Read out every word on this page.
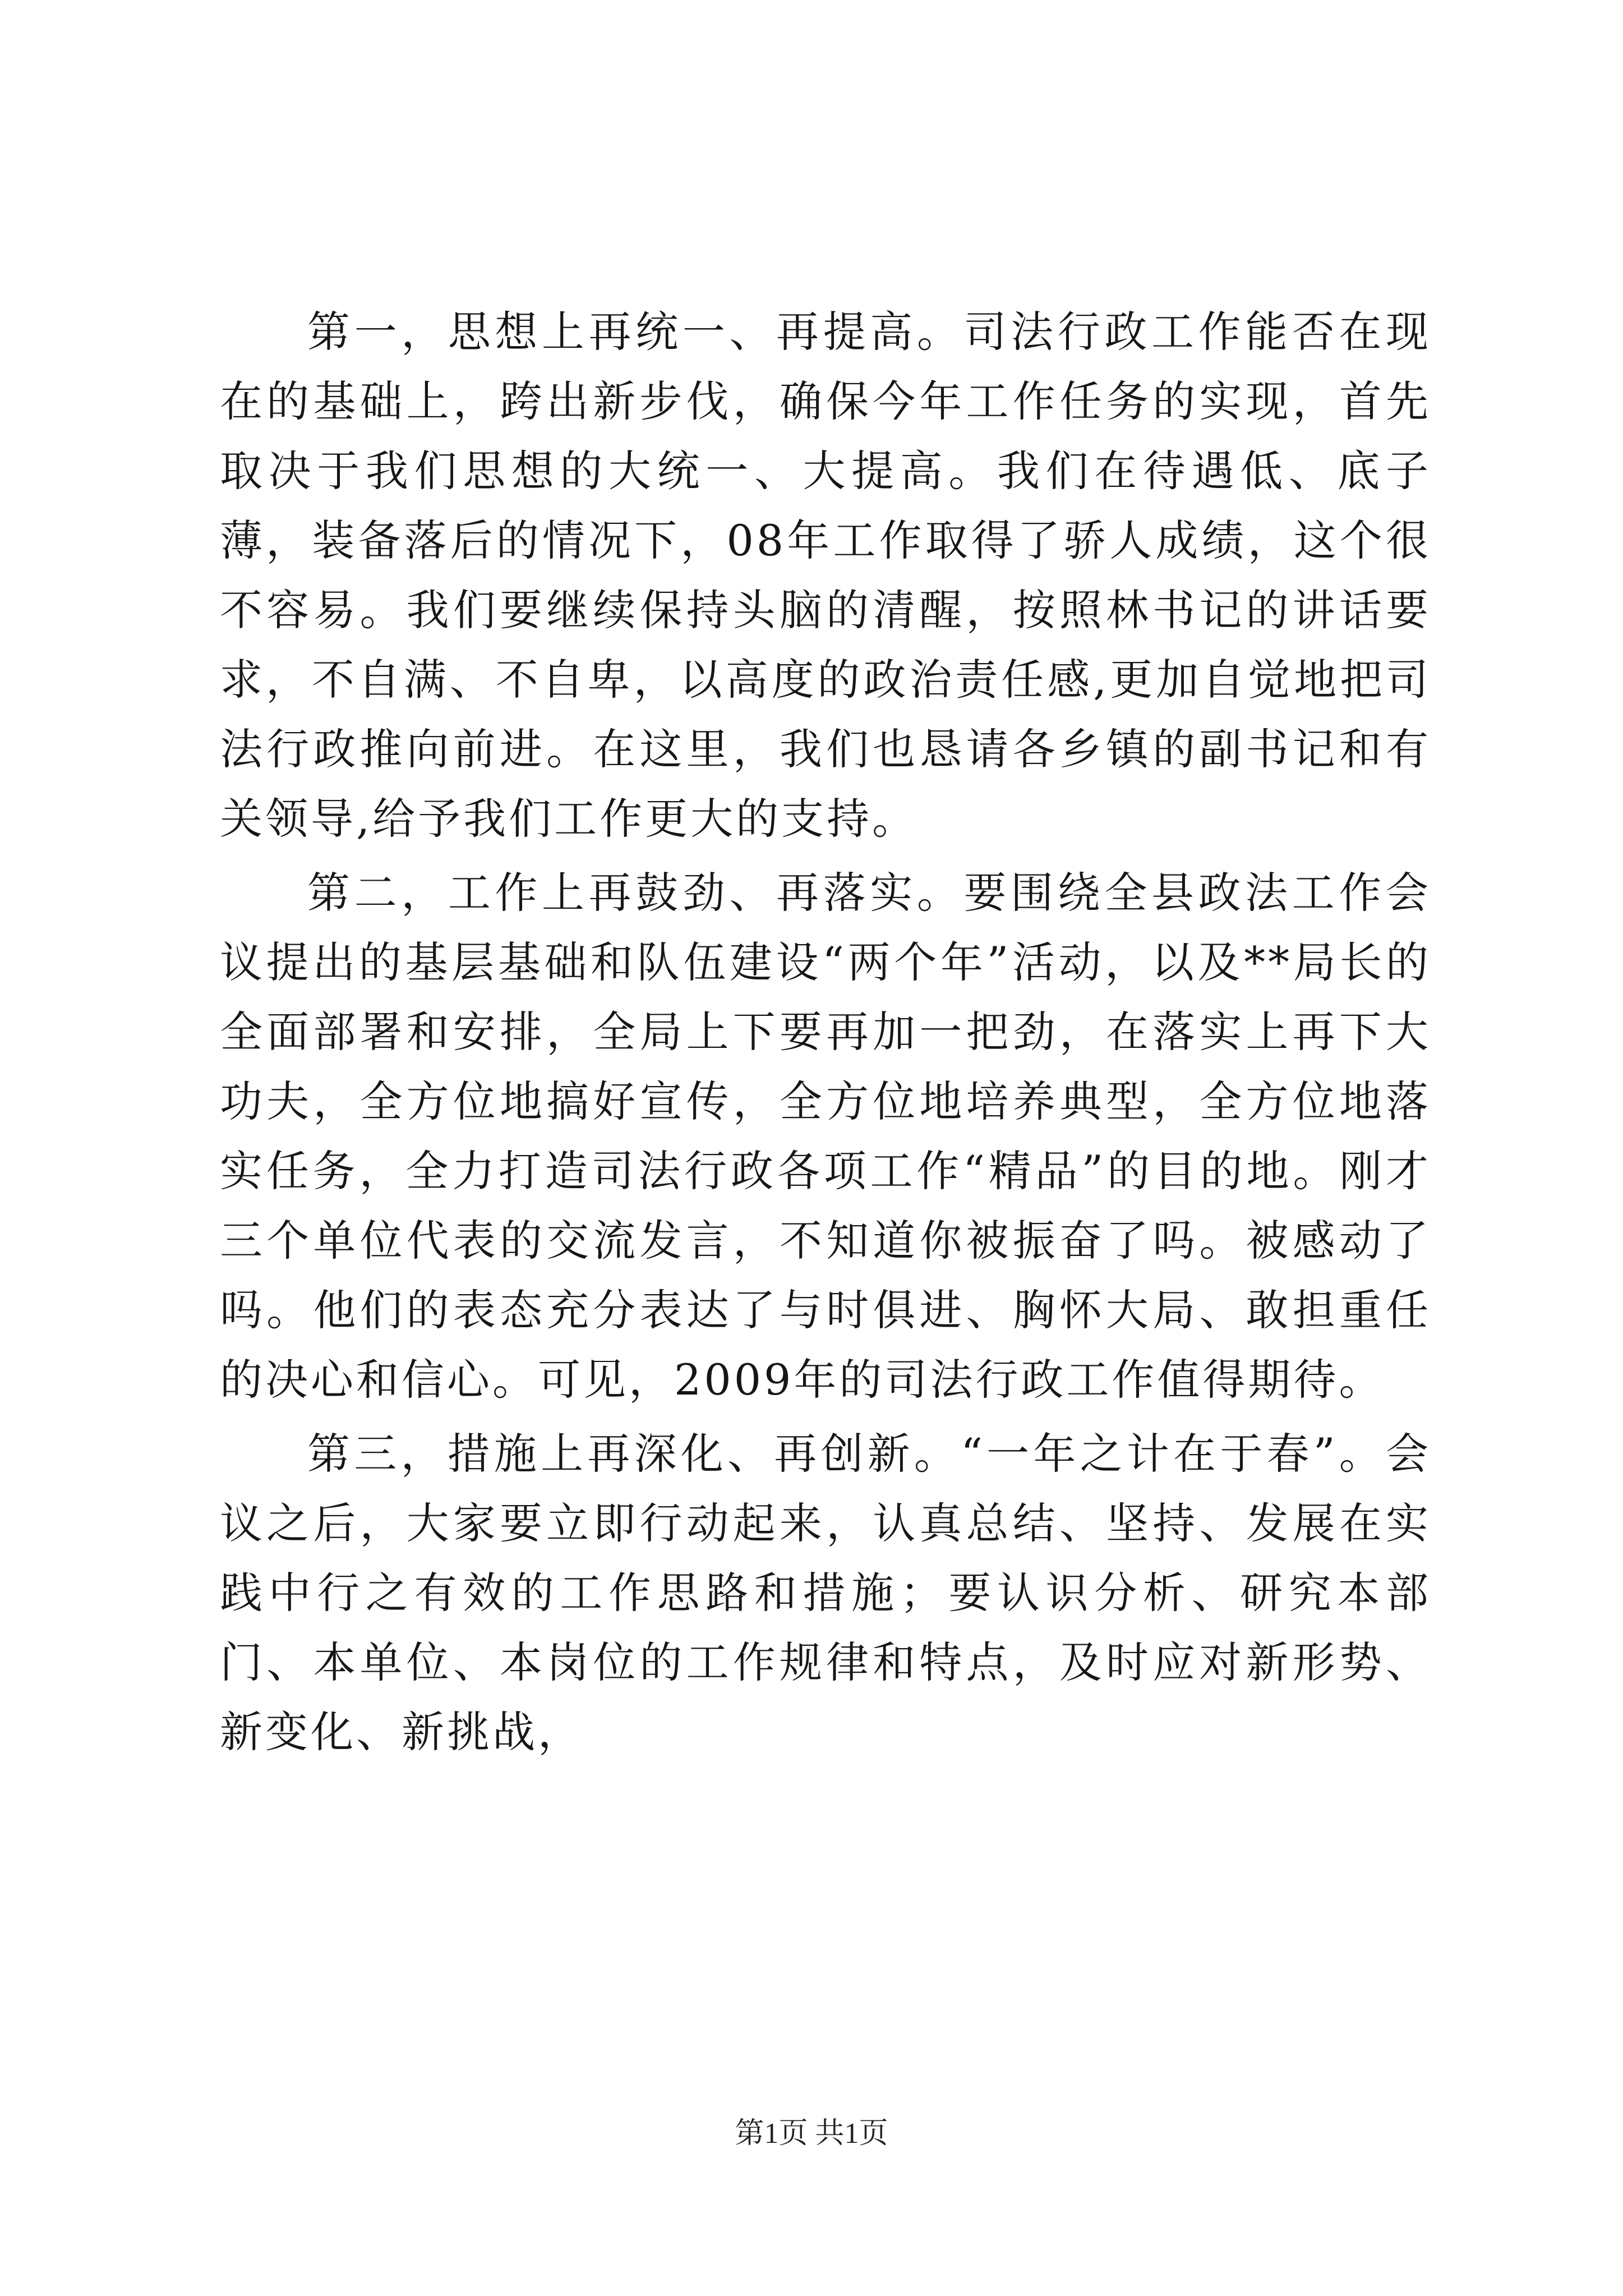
第一，思想上再统一、再提高。司法行政工作能否在现在的基础上，跨出新步伐，确保今年工作任务的实现，首先取决于我们思想的大统一、大提高。我们在待遇低、底子薄，装备落后的情况下，08年工作取得了骄人成绩，这个很不容易。我们要继续保持头脑的清醒，按照林书记的讲话要求，不自满、不自卑，以高度的政治责任感,更加自觉地把司法行政推向前进。在这里，我们也恳请各乡镇的副书记和有关领导,给予我们工作更大的支持。

第二，工作上再鼓劲、再落实。要围绕全县政法工作会议提出的基层基础和队伍建设“两个年”活动，以及**局长的全面部署和安排，全局上下要再加一把劲，在落实上再下大功夫，全方位地搞好宣传，全方位地培养典型，全方位地落实任务，全力打造司法行政各项工作“精品”的目的地。刚才三个单位代表的交流发言，不知道你被振奋了吗。被感动了吗。他们的表态充分表达了与时俱进、胸怀大局、敢担重任的决心和信心。可见，2009年的司法行政工作值得期待。

第三，措施上再深化、再创新。“一年之计在于春”。会议之后，大家要立即行动起来，认真总结、坚持、发展在实践中行之有效的工作思路和措施；要认识分析、研究本部门、本单位、本岗位的工作规律和特点，及时应对新形势、新变化、新挑战，

第1页 共1页
